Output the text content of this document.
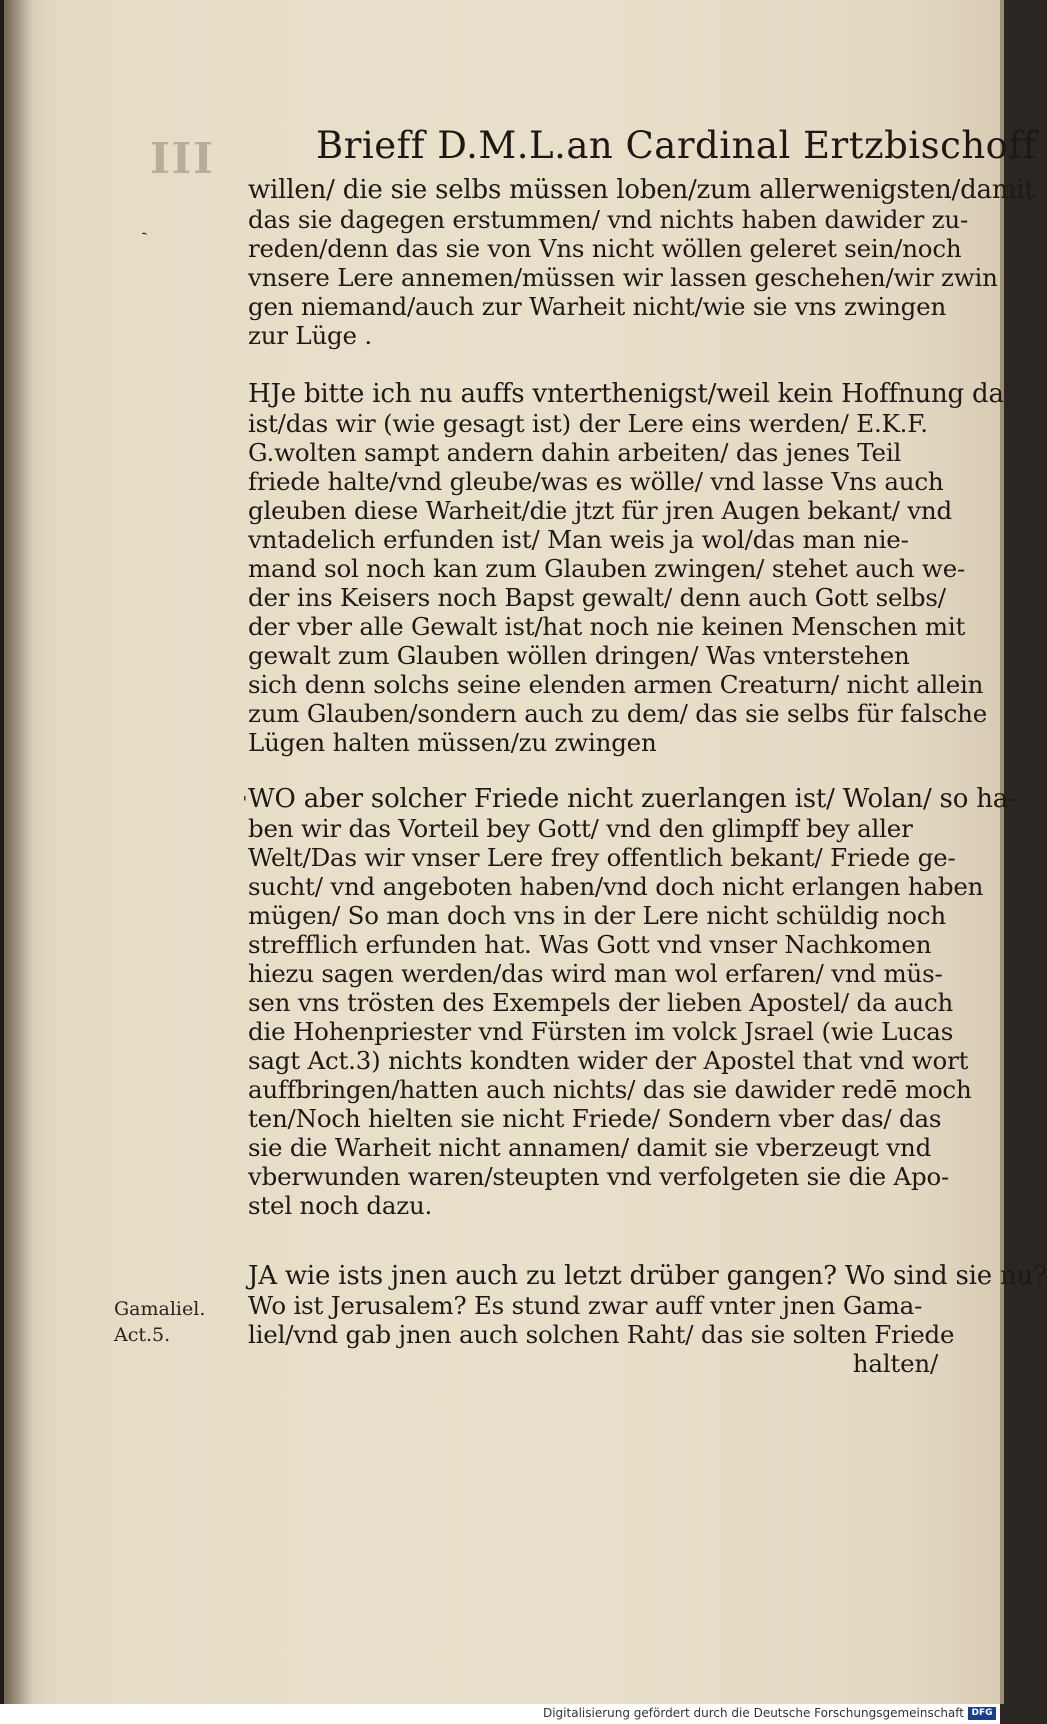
III	Brieff D.M.L.an Cardinal Ertzbischoff
ˏ
ˈ
willen/ die sie selbs müssen loben/zum allerwenigsten/damit
das sie dagegen erstummen/ vnd nichts haben dawider zu-
reden/denn das sie von Vns nicht wöllen geleret sein/noch
vnsere Lere annemen/müssen wir lassen geschehen/wir zwin
gen niemand/auch zur Warheit nicht/wie sie vns zwingen
zur Lüge .
HJe bitte ich nu auffs vnterthenigst/weil kein Hoffnung da
ist/das wir (wie gesagt ist) der Lere eins werden/ E.K.F.
G.wolten sampt andern dahin arbeiten/ das jenes Teil
friede halte/vnd gleube/was es wölle/ vnd lasse Vns auch
gleuben diese Warheit/die jtzt für jren Augen bekant/ vnd
vntadelich erfunden ist/ Man weis ja wol/das man nie-
mand sol noch kan zum Glauben zwingen/ stehet auch we-
der ins Keisers noch Bapst gewalt/ denn auch Gott selbs/
der vber alle Gewalt ist/hat noch nie keinen Menschen mit
gewalt zum Glauben wöllen dringen/ Was vnterstehen
sich denn solchs seine elenden armen Creaturn/ nicht allein
zum Glauben/sondern auch zu dem/ das sie selbs für falsche
Lügen halten müssen/zu zwingen
WO aber solcher Friede nicht zuerlangen ist/ Wolan/ so ha-
ben wir das Vorteil bey Gott/ vnd den glimpff bey aller
Welt/Das wir vnser Lere frey offentlich bekant/ Friede ge-
sucht/ vnd angeboten haben/vnd doch nicht erlangen haben
mügen/ So man doch vns in der Lere nicht schüldig noch
strefflich erfunden hat. Was Gott vnd vnser Nachkomen
hiezu sagen werden/das wird man wol erfaren/ vnd müs-
sen vns trösten des Exempels der lieben Apostel/ da auch
die Hohenpriester vnd Fürsten im volck Jsrael (wie Lucas
sagt Act.3) nichts kondten wider der Apostel that vnd wort
auffbringen/hatten auch nichts/ das sie dawider redē moch
ten/Noch hielten sie nicht Friede/ Sondern vber das/ das
sie die Warheit nicht annamen/ damit sie vberzeugt vnd
vberwunden waren/steupten vnd verfolgeten sie die Apo-
stel noch dazu.
JA wie ists jnen auch zu letzt drüber gangen? Wo sind sie nu?
Wo ist Jerusalem? Es stund zwar auff vnter jnen Gama-
liel/vnd gab jnen auch solchen Raht/ das sie solten Friede
halten/
Gamaliel.
Act.5.
Digitalisierung gefördert durch die Deutsche Forschungsgemeinschaft DFG
